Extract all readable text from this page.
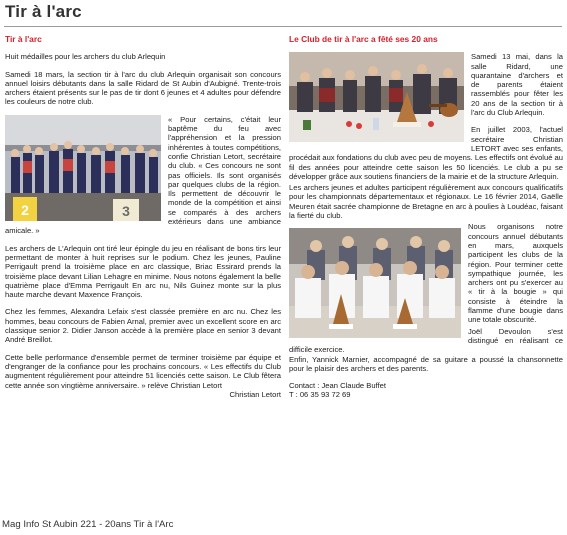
Tir à l'arc
Tir à l'arc

Huit médailles pour les archers du club Arlequin

Samedi 18 mars, la section tir à l'arc du club Arlequin organisait son concours annuel loisirs débutants dans la salle Ridard de St Aubin d'Aubigné. Trente-trois archers étaient présents sur le pas de tir dont 6 jeunes et 4 adultes pour défendre les couleurs de notre club.

2	3

« Pour certains, c'était leur baptême du feu avec l'appréhension et la pression inhérentes à toutes compétitions, confie Christian Letort, secrétaire du club. « Ces concours ne sont pas officiels. Ils sont organisés par quelques clubs de la région. Ils permettent de découvrir le monde de la compétition et ainsi se comparés à des archers extérieurs dans une ambiance amicale. »

Les archers de L'Arlequin ont tiré leur épingle du jeu en réalisant de bons tirs leur permettant de monter à huit reprises sur le podium. Chez les jeunes, Pauline Perrigault prend la troisième place en arc classique, Briac Essirard prends la troisième place devant Lilian Lehagre en minime. Nous notons également la belle quatrième place d'Emma Perrigault En arc nu, Nils Guinez monte sur la plus haute marche devant Maxence François.

Chez les femmes, Alexandra Lefaix s'est classée première en arc nu. Chez les hommes, beau concours de Fabien Arnal, premier avec un excellent score en arc classique senior 2. Didier Janson accède à la première place en senior 3 devant André Breillot.

Cette belle performance d'ensemble permet de terminer troisième par équipe et d'engranger de la confiance pour les prochains concours. « Les effectifs du Club augmentent régulièrement pour atteindre 51 licenciés cette saison. Le Club fêtera cette année son vingtième anniversaire. » relève Christian Letort

Christian Letort
Le Club de tir à l'arc a fêté ses 20 ans

Samedi 13 mai, dans la salle Ridard, une quarantaine d'archers et de parents étaient rassemblés pour fêter les 20 ans de la section tir à l'arc du Club Arlequin.

En juillet 2003, l'actuel secrétaire Christian LETORT avec ses enfants, procédait aux fondations du club avec peu de moyens. Les effectifs ont évolué au fil des années pour atteindre cette saison les 50 licenciés. Le club a pu se développer grâce aux soutiens financiers de la mairie et de la structure Arlequin.

Les archers jeunes et adultes participent régulièrement aux concours qualificatifs pour les championnats départementaux et régionaux. Le 16 février 2014, Gaëlle Meuren était sacrée championne de Bretagne en arc à poulies à Loudéac, faisant la fierté du club.

Nous organisons notre concours annuel débutants en mars, auxquels participent les clubs de la région. Pour terminer cette sympathique journée, les archers ont pu s'exercer au « tir à la bougie » qui consiste à éteindre la flamme d'une bougie dans une totale obscurité.

Joël Devoulon s'est distingué en réalisant ce difficile exercice.

Enfin, Yannick Marnier, accompagné de sa guitare a poussé la chansonnette pour le plaisir des archers et des parents.

Contact : Jean Claude Buffet
T : 06 35 93 72 69
Mag Info St Aubin 221 - 20ans Tir à l'Arc
